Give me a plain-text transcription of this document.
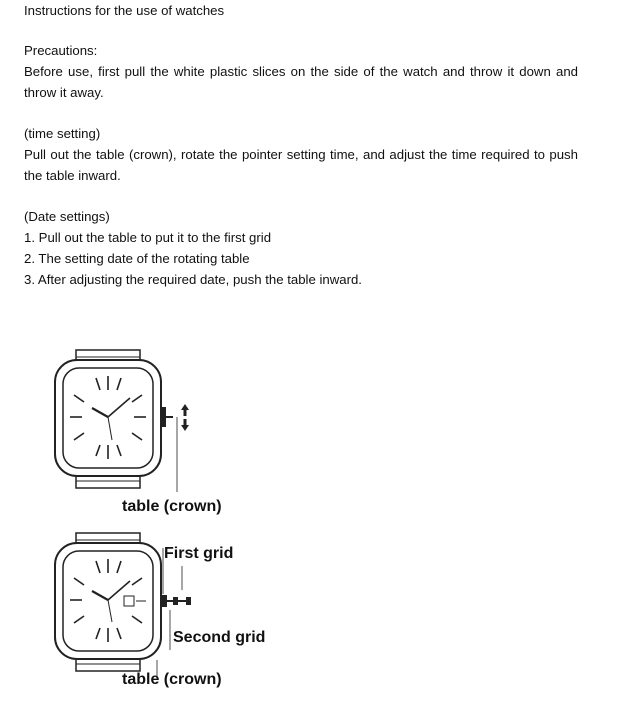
Instructions for the use of watches
Precautions:
Before use, first pull the white plastic slices on the side of the watch and throw it down and throw it away.
(time setting)
Pull out the table (crown), rotate the pointer setting time, and adjust the time required to push the table inward.
(Date settings)
1. Pull out the table to put it to the first grid
2. The setting date of the rotating table
3. After adjusting the required date, push the table inward.
table (crown)
First grid
Second grid
table (crown)
